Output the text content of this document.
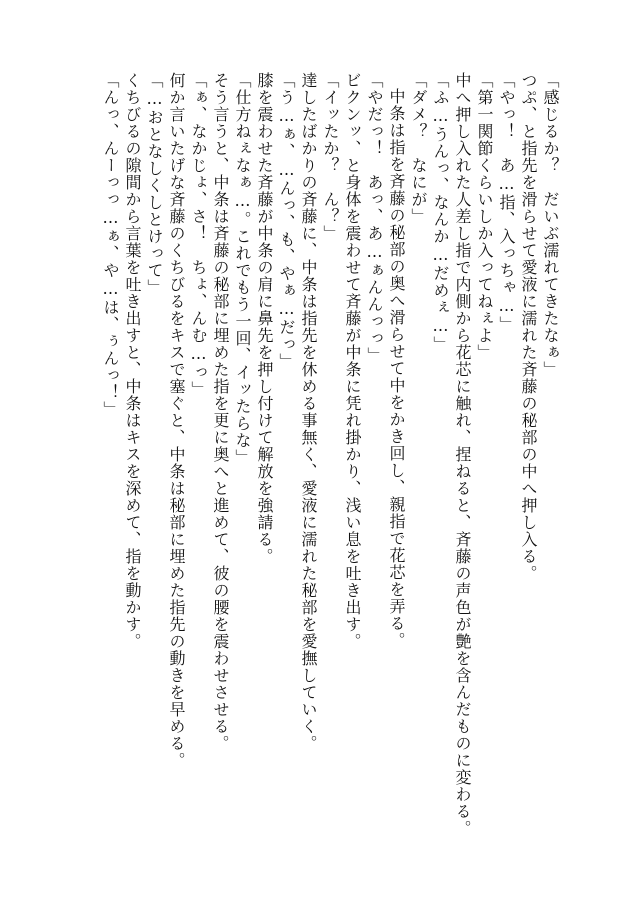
「感じるか？　だいぶ濡れてきたなぁ」

つぷ、と指先を滑らせて愛液に濡れた斉藤の秘部の中へ押し入る。

「やっ！　あ…指、入っちゃ…」

「第一関節くらいしか入ってねぇよ」

中へ押し入れた人差し指で内側から花芯に触れ、捏ねると、斉藤の声色が艶を含んだものに変わる。

「ふ…うんっ、なんか…だめぇ…」

「ダメ？　なにが」

中条は指を斉藤の秘部の奥へ滑らせて中をかき回し、親指で花芯を弄る。

「やだっ！　あっ、あ…ぁんんっっ」

ビクンッ、と身体を震わせて斉藤が中条に凭れ掛かり、浅い息を吐き出す。

「イッたか？　ん？」

達したばかりの斉藤に、中条は指先を休める事無く、愛液に濡れた秘部を愛撫していく。

「う…ぁ、…んっ、も、やぁ…だっ」

膝を震わせた斉藤が中条の肩に鼻先を押し付けて解放を強請る。

「仕方ねぇなぁ…。これでもう一回、イッたらな」

そう言うと、中条は斉藤の秘部に埋めた指を更に奥へと進めて、彼の腰を震わせさせる。

「ぁ、なかじょ、さ！　ちょ、んむ…っ」

何か言いたげな斉藤のくちびるをキスで塞ぐと、中条は秘部に埋めた指先の動きを早める。

「…おとなしくしとけって」

くちびるの隙間から言葉を吐き出すと、中条はキスを深めて、指を動かす。

「んっ、んーっっ…ぁ、や…は、ぅんっ！」
